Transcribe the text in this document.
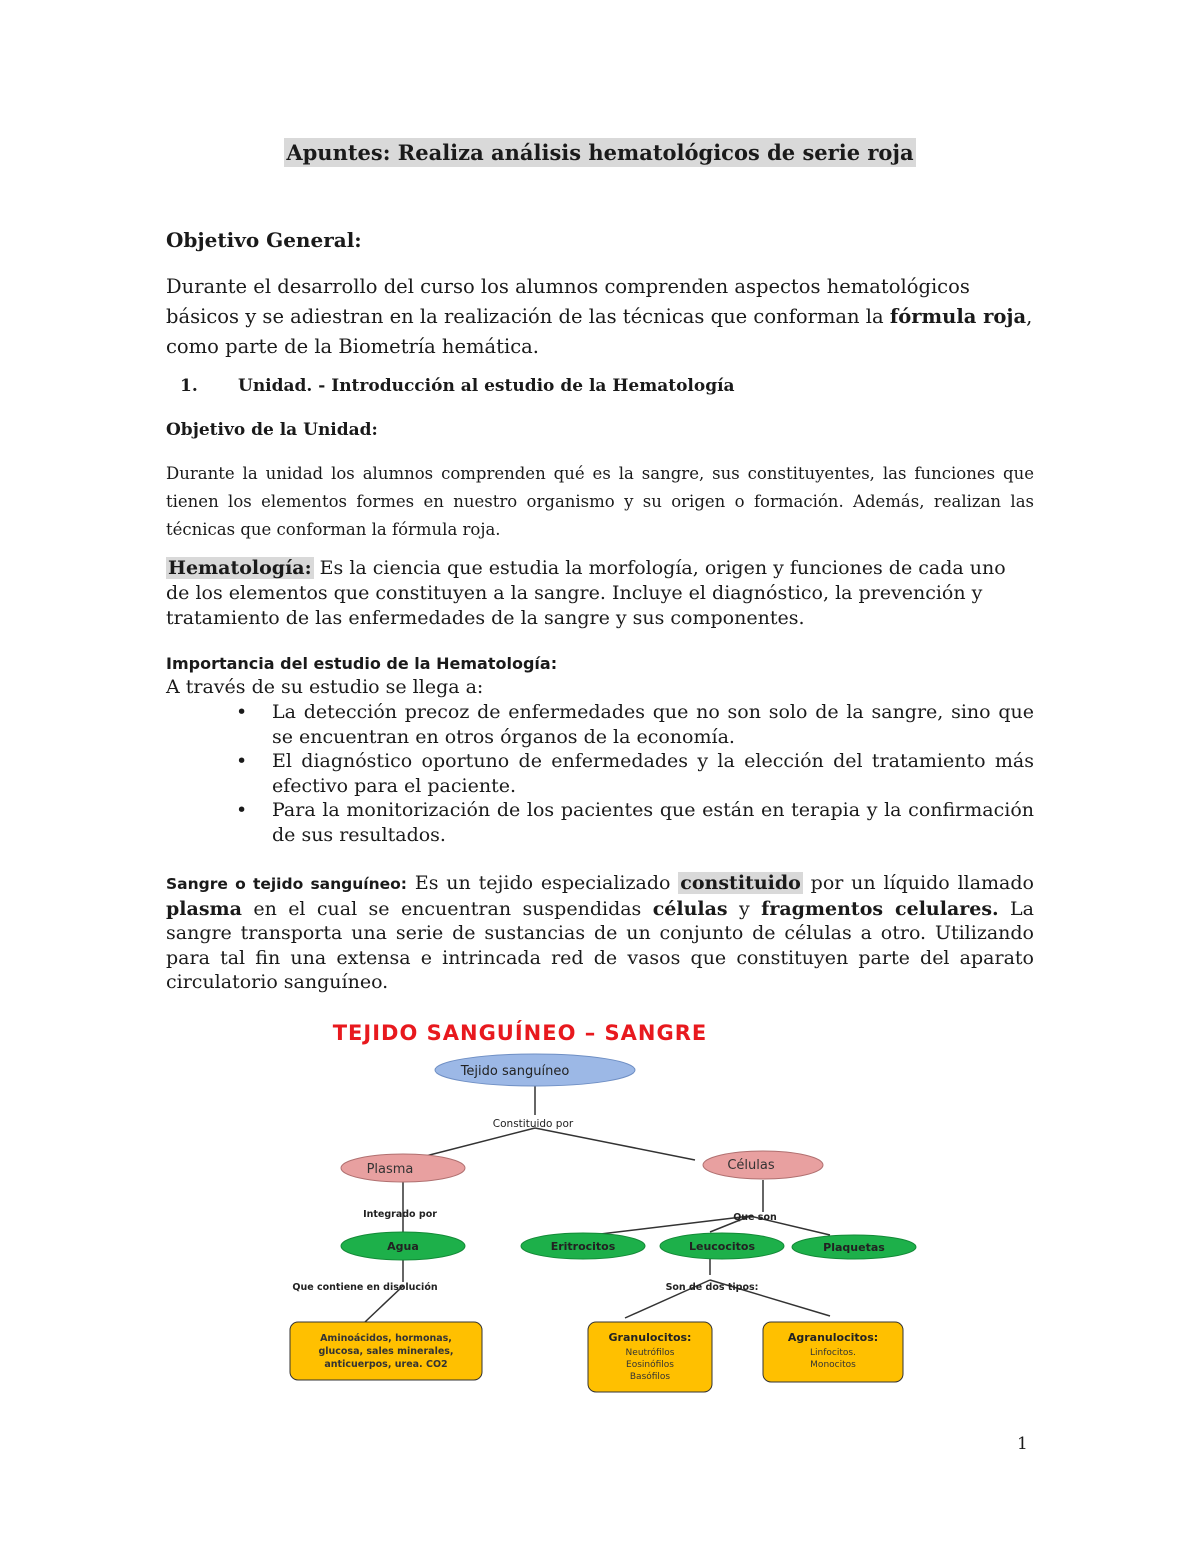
Apuntes: Realiza análisis hematológicos de serie roja
Objetivo General:
Durante el desarrollo del curso los alumnos comprenden aspectos hematológicos básicos y se adiestran en la realización de las técnicas que conforman la fórmula roja, como parte de la Biometría hemática.
1. Unidad. - Introducción al estudio de la Hematología
Objetivo de la Unidad:
Durante la unidad los alumnos comprenden qué es la sangre, sus constituyentes, las funciones que tienen los elementos formes en nuestro organismo y su origen o formación. Además, realizan las técnicas que conforman la fórmula roja.
Hematología: Es la ciencia que estudia la morfología, origen y funciones de cada uno de los elementos que constituyen a la sangre. Incluye el diagnóstico, la prevención y tratamiento de las enfermedades de la sangre y sus componentes.
Importancia del estudio de la Hematología:
A través de su estudio se llega a:
• La detección precoz de enfermedades que no son solo de la sangre, sino que se encuentran en otros órganos de la economía.
• El diagnóstico oportuno de enfermedades y la elección del tratamiento más efectivo para el paciente.
• Para la monitorización de los pacientes que están en terapia y la confirmación de sus resultados.
Sangre o tejido sanguíneo: Es un tejido especializado constituido por un líquido llamado plasma en el cual se encuentran suspendidas células y fragmentos celulares. La sangre transporta una serie de sustancias de un conjunto de células a otro. Utilizando para tal fin una extensa e intrincada red de vasos que constituyen parte del aparato circulatorio sanguíneo.
TEJIDO SANGUÍNEO – SANGRE
Tejido sanguíneo
Constituido por
Plasma	Células
Integrado por	Que son
Agua	Eritrocitos	Leucocitos	Plaquetas
Que contiene en disolución	Son de dos tipos:
Aminoácidos, hormonas,
glucosa, sales minerales,
anticuerpos, urea. CO2
Granulocitos:
Neutrófilos
Eosinófilos
Basófilos
Agranulocitos:
Linfocitos.
Monocitos
1
